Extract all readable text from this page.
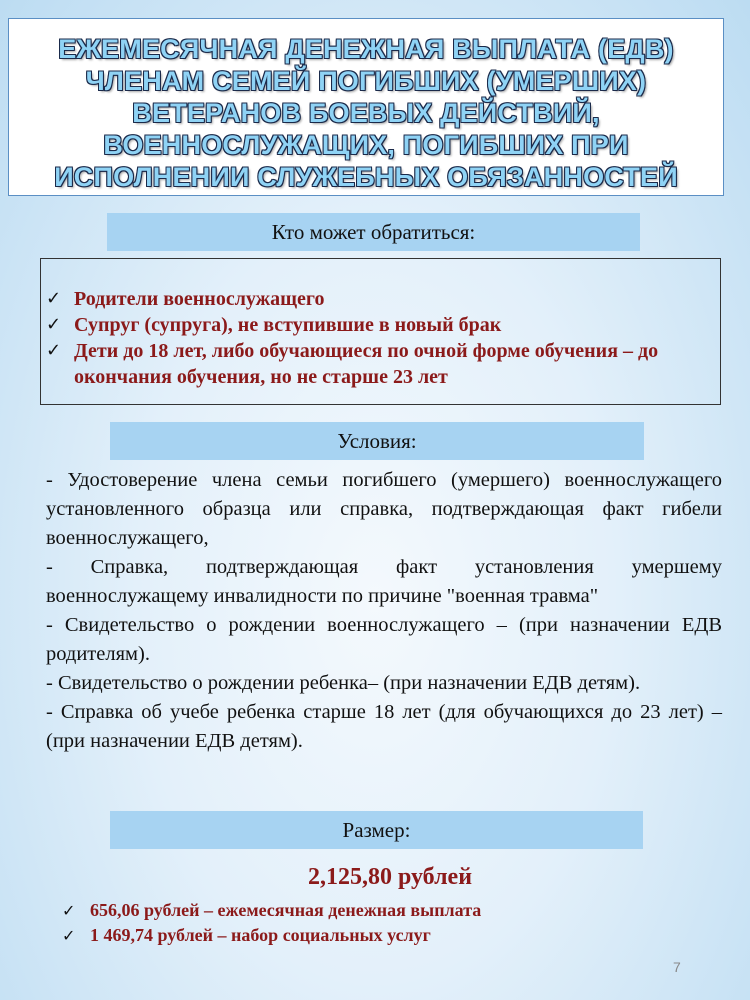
ЕЖЕМЕСЯЧНАЯ ДЕНЕЖНАЯ ВЫПЛАТА (ЕДВ)
ЧЛЕНАМ СЕМЕЙ ПОГИБШИХ (УМЕРШИХ)
ВЕТЕРАНОВ БОЕВЫХ ДЕЙСТВИЙ,
ВОЕННОСЛУЖАЩИХ, ПОГИБШИХ ПРИ
ИСПОЛНЕНИИ СЛУЖЕБНЫХ ОБЯЗАННОСТЕЙ
Кто может обратиться:
✓ Родители военнослужащего
✓ Супруг (супруга), не вступившие в новый брак
✓ Дети до 18 лет, либо обучающиеся по очной форме обучения – до окончания обучения, но не старше 23 лет
Условия:

- Удостоверение члена семьи погибшего (умершего) военнослужащего установленного образца или справка, подтверждающая факт гибели военнослужащего,

- Справка, подтверждающая факт установления умершему военнослужащему инвалидности по причине "военная травма"

- Свидетельство о рождении военнослужащего – (при назначении ЕДВ родителям).

- Свидетельство о рождении ребенка– (при назначении ЕДВ детям).

- Справка об учебе ребенка старше 18 лет (для обучающихся до 23 лет) – (при назначении ЕДВ детям).

Размер:
2,125,80 рублей
✓ 656,06 рублей – ежемесячная денежная выплата
✓ 1 469,74 рублей – набор социальных услуг
7
